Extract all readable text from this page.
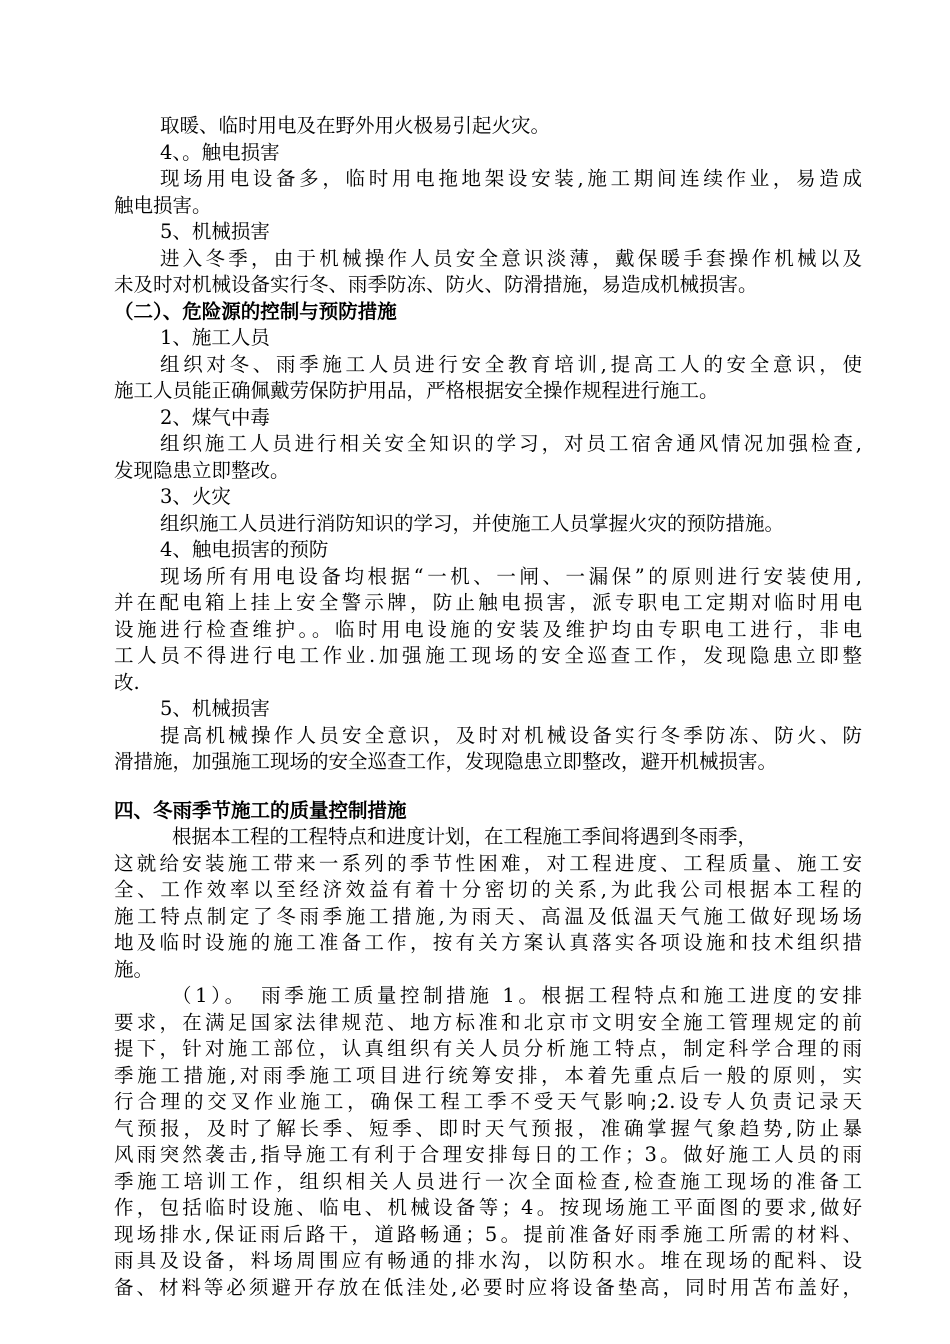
取暖、临时用电及在野外用火极易引起火灾。
4、。触电损害
现场用电设备多，临时用电拖地架设安装,施工期间连续作业，易造成
触电损害。
5、机械损害
进入冬季，由于机械操作人员安全意识淡薄，戴保暖手套操作机械以及
未及时对机械设备实行冬、雨季防冻、防火、防滑措施，易造成机械损害。
（二）、危险源的控制与预防措施
1、施工人员
组织对冬、雨季施工人员进行安全教育培训,提高工人的安全意识，使
施工人员能正确佩戴劳保防护用品，严格根据安全操作规程进行施工。
2、煤气中毒
组织施工人员进行相关安全知识的学习，对员工宿舍通风情况加强检查,
发现隐患立即整改。
3、火灾
组织施工人员进行消防知识的学习，并使施工人员掌握火灾的预防措施。
4、触电损害的预防
现场所有用电设备均根据“一机、一闸、一漏保”的原则进行安装使用,
并在配电箱上挂上安全警示牌，防止触电损害，派专职电工定期对临时用电
设施进行检查维护。。临时用电设施的安装及维护均由专职电工进行，非电
工人员不得进行电工作业.加强施工现场的安全巡查工作，发现隐患立即整
改.
5、机械损害
提高机械操作人员安全意识，及时对机械设备实行冬季防冻、防火、防
滑措施，加强施工现场的安全巡查工作，发现隐患立即整改，避开机械损害。
四、冬雨季节施工的质量控制措施
根据本工程的工程特点和进度计划，在工程施工季间将遇到冬雨季，
这就给安装施工带来一系列的季节性困难，对工程进度、工程质量、施工安
全、工作效率以至经济效益有着十分密切的关系,为此我公司根据本工程的
施工特点制定了冬雨季施工措施,为雨天、高温及低温天气施工做好现场场
地及临时设施的施工准备工作，按有关方案认真落实各项设施和技术组织措
施。
（1）。　雨季施工质量控制措施 1。根据工程特点和施工进度的安排
要求，在满足国家法律规范、地方标准和北京市文明安全施工管理规定的前
提下，针对施工部位，认真组织有关人员分析施工特点，制定科学合理的雨
季施工措施,对雨季施工项目进行统筹安排，本着先重点后一般的原则，实
行合理的交叉作业施工，确保工程工季不受天气影响;2.设专人负责记录天
气预报，及时了解长季、短季、即时天气预报，准确掌握气象趋势,防止暴
风雨突然袭击,指导施工有利于合理安排每日的工作；3。做好施工人员的雨
季施工培训工作，组织相关人员进行一次全面检查,检查施工现场的准备工
作，包括临时设施、临电、机械设备等；4。按现场施工平面图的要求,做好
现场排水,保证雨后路干，道路畅通；5。提前准备好雨季施工所需的材料、
雨具及设备，料场周围应有畅通的排水沟，以防积水。堆在现场的配料、设
备、材料等必须避开存放在低洼处,必要时应将设备垫高，同时用苫布盖好，
